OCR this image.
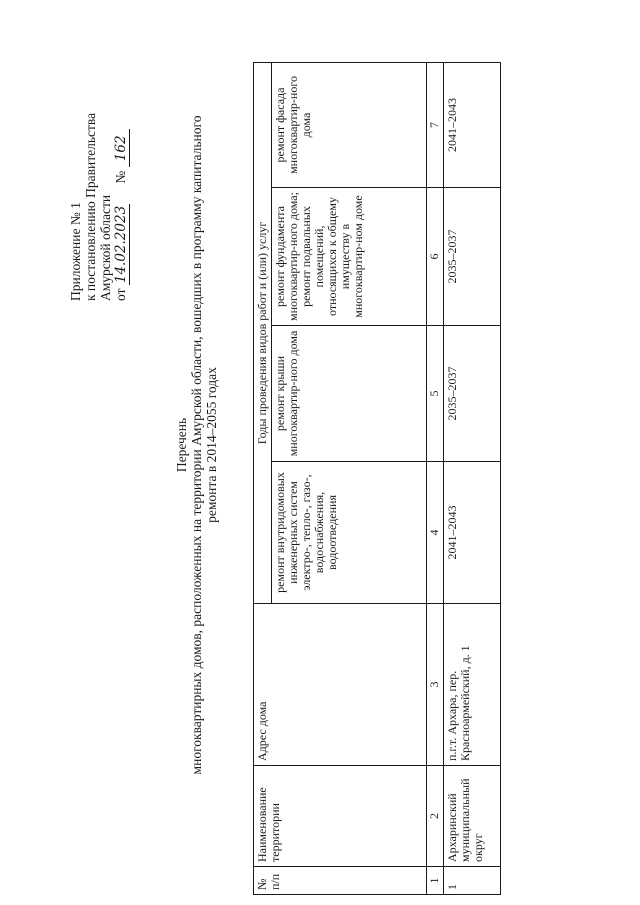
Приложение № 1 к постановлению Правительства Амурской области от 14.02.2023      № 162
Перечень многоквартирных домов, расположенных на территории Амурской области, вошедших в программу капитального ремонта в 2014–2055 годах
№ п/п	Наименование территории	Адрес дома	Годы проведения видов работ и (или) услуг			
			ремонт внутридомовых инженерных систем электро-, тепло-, газо-, водоснабжения, водоотведения	ремонт крыши многоквартир-ного дома	ремонт фундамента многоквартир-ного дома; ремонт подвальных помещений, относящихся к общему имуществу в многоквартир-ном доме	ремонт фасада многоквартир-ного дома
1	2	3	4	5	6	7
1	Архаринский муниципальный округ	п.г.т. Архара, пер. Красноармейский, д. 1	2041–2043	2035–2037	2035–2037	2041–2043
